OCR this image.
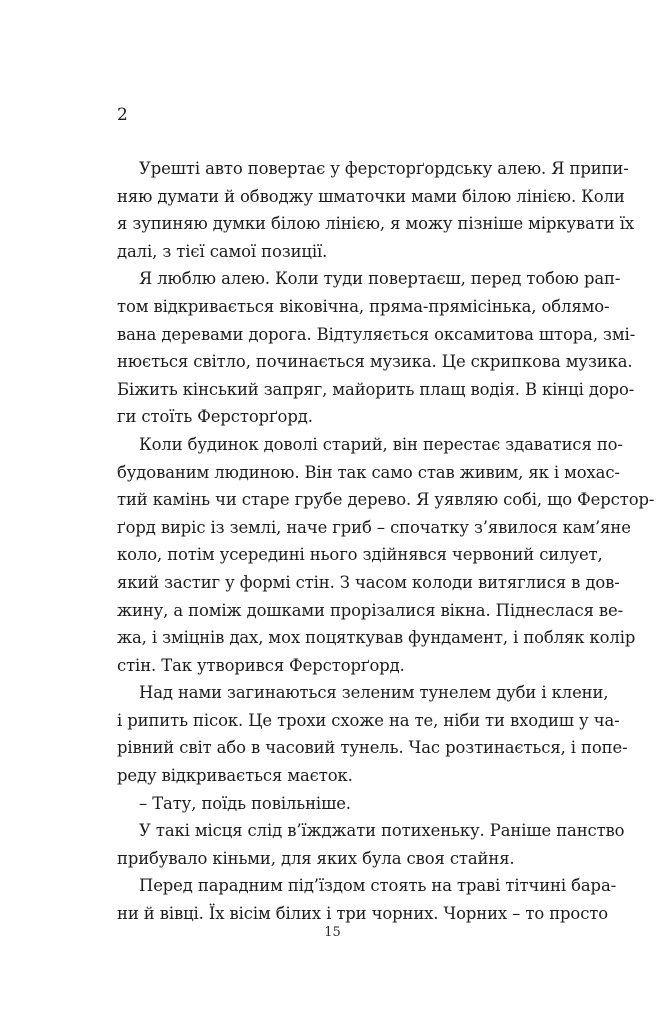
2
Урешті авто повертає у ферсторґордську алею. Я припи-
няю думати й обводжу шматочки мами білою лінією. Коли
я зупиняю думки білою лінією, я можу пізніше міркувати їх
далі, з тієї самої позиції.
Я люблю алею. Коли туди повертаєш, перед тобою рап-
том відкривається віковічна, пряма-прямісінька, облямо-
вана деревами дорога. Відтуляється оксамитова штора, змі-
нюється світло, починається музика. Це скрипкова музика.
Біжить кінський запряг, майорить плащ водія. В кінці доро-
ги стоїть Ферсторґорд.
Коли будинок доволі старий, він перестає здаватися по-
будованим людиною. Він так само став живим, як і мохас-
тий камінь чи старе грубе дерево. Я уявляю собі, що Ферстор-
ґорд виріс із землі, наче гриб – спочатку з’явилося кам’яне
коло, потім усередині нього здійнявся червоний силует,
який застиг у формі стін. З часом колоди витяглися в дов-
жину, а поміж дошками прорізалися вікна. Піднеслася ве-
жа, і зміцнів дах, мох поцяткував фундамент, і побляк колір
стін. Так утворився Ферсторґорд.
Над нами загинаються зеленим тунелем дуби і клени,
і рипить пісок. Це трохи схоже на те, ніби ти входиш у ча-
рівний світ або в часовий тунель. Час розтинається, і попе-
реду відкривається маєток.
– Тату, поїдь повільніше.
У такі місця слід в’їжджати потихеньку. Раніше панство
прибувало кіньми, для яких була своя стайня.
Перед парадним під’їздом стоять на траві тітчині бара-
ни й вівці. Їх вісім білих і три чорних. Чорних – то просто
15
